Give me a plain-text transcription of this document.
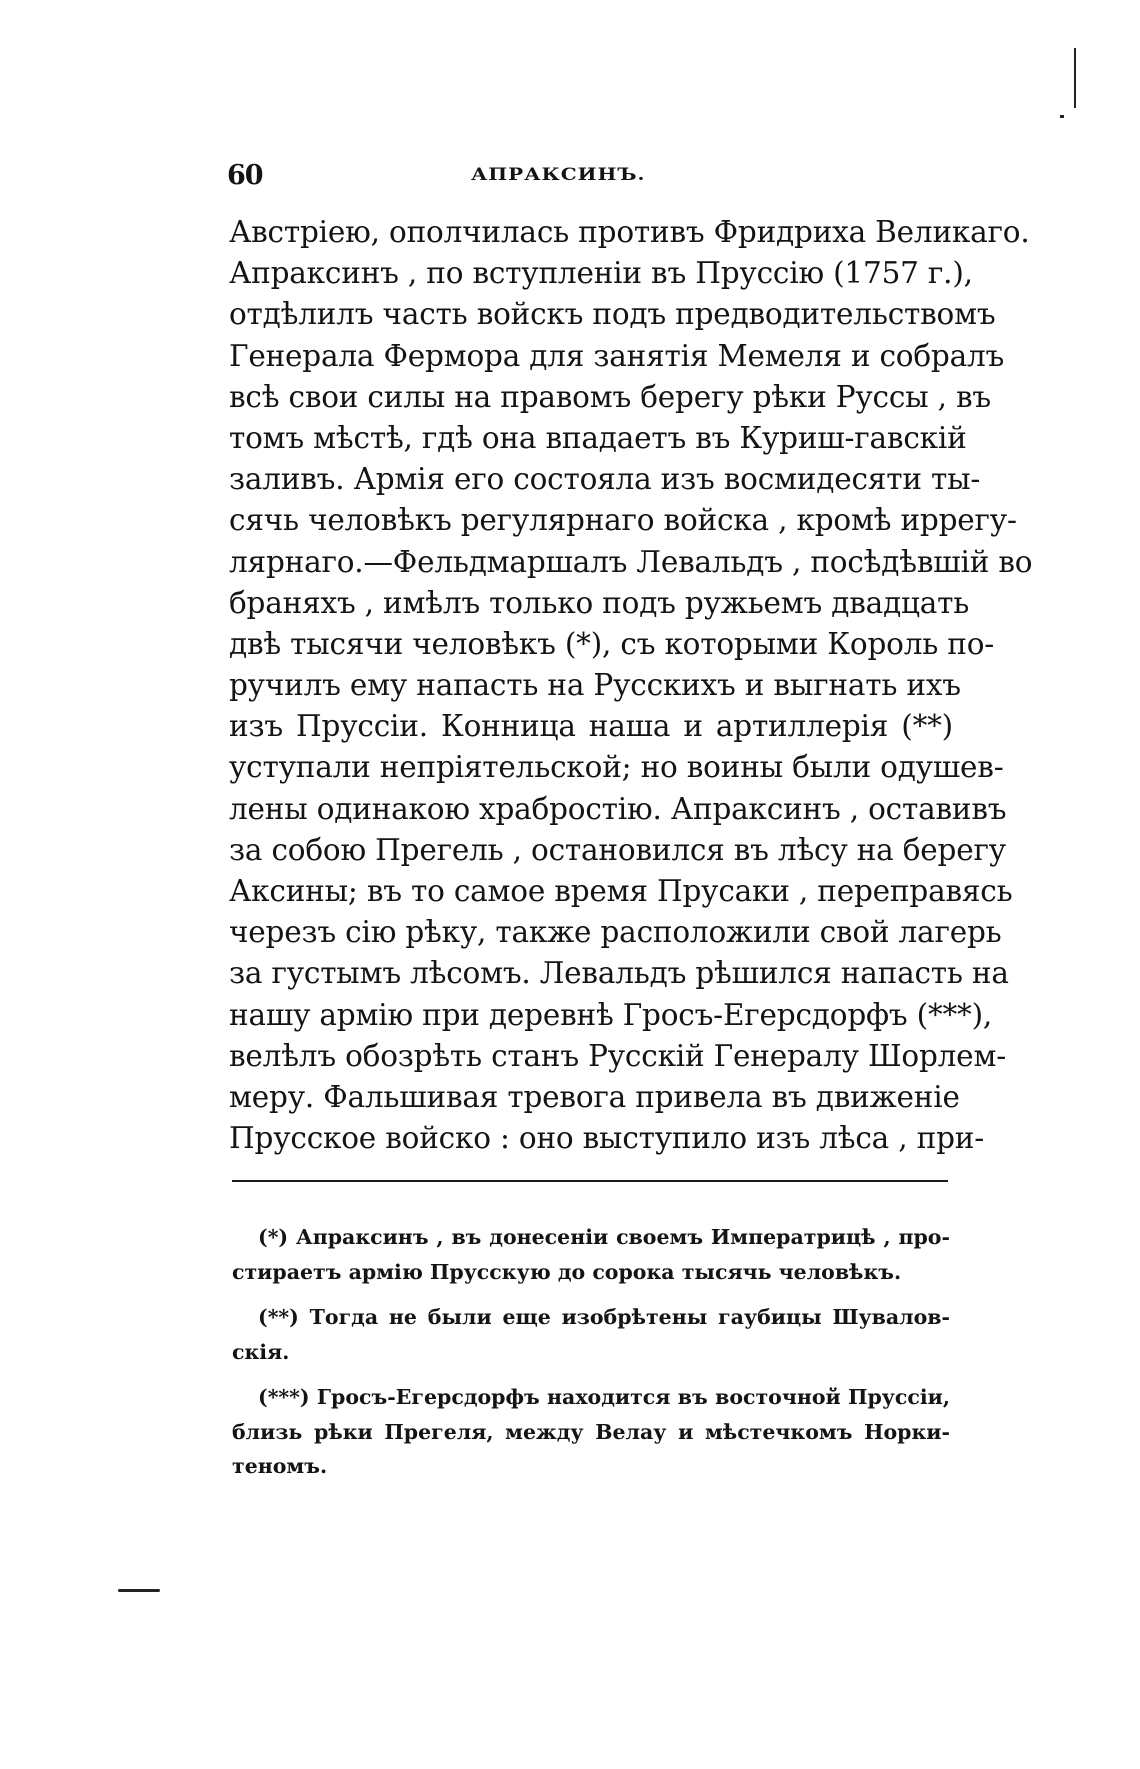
60	АПРАКСИНЪ.
Австріею, ополчилась противъ Фридриха Великаго.
Апраксинъ , по вступленіи въ Пруссію (1757 г.),
отдѣлилъ часть войскъ подъ предводительствомъ
Генерала Фермора для занятія Мемеля и собралъ
всѣ свои силы на правомъ берегу рѣки Руссы , въ
томъ мѣстѣ, гдѣ она впадаетъ въ Куриш-гавскій
заливъ. Армія его состояла изъ восмидесяти ты-
сячь человѣкъ регулярнаго войска , кромѣ иррегу-
лярнаго.—Фельдмаршалъ Левальдъ , посѣдѣвшій во
браняхъ , имѣлъ только подъ ружьемъ двадцать
двѣ тысячи человѣкъ (*), съ которыми Король по-
ручилъ ему напасть на Русскихъ и выгнать ихъ
изъ Пруссіи. Конница наша и артиллерія (**)
уступали непріятельской; но воины были одушев-
лены одинакою храбростію. Апраксинъ , оставивъ
за собою Прегель , остановился въ лѣсу на берегу
Аксины; въ то самое время Прусаки , переправясь
черезъ сію рѣку, также расположили свой лагерь
за густымъ лѣсомъ. Левальдъ рѣшился напасть на
нашу армію при деревнѣ Гросъ-Егерсдорфъ (***),
велѣлъ обозрѣть станъ Русскій Генералу Шорлем-
меру. Фальшивая тревога привела въ движеніе
Прусское войско : оно выступило изъ лѣса , при-
(*) Апраксинъ , въ донесеніи своемъ Императрицѣ , про-
стираетъ армію Прусскую до сорока тысячь человѣкъ.
(**) Тогда не были еще изобрѣтены гаубицы Шувалов-
скія.
(***) Гросъ-Егерсдорфъ находится въ восточной Пруссіи,
близь рѣки Прегеля, между Велау и мѣстечкомъ Норки-
теномъ.
